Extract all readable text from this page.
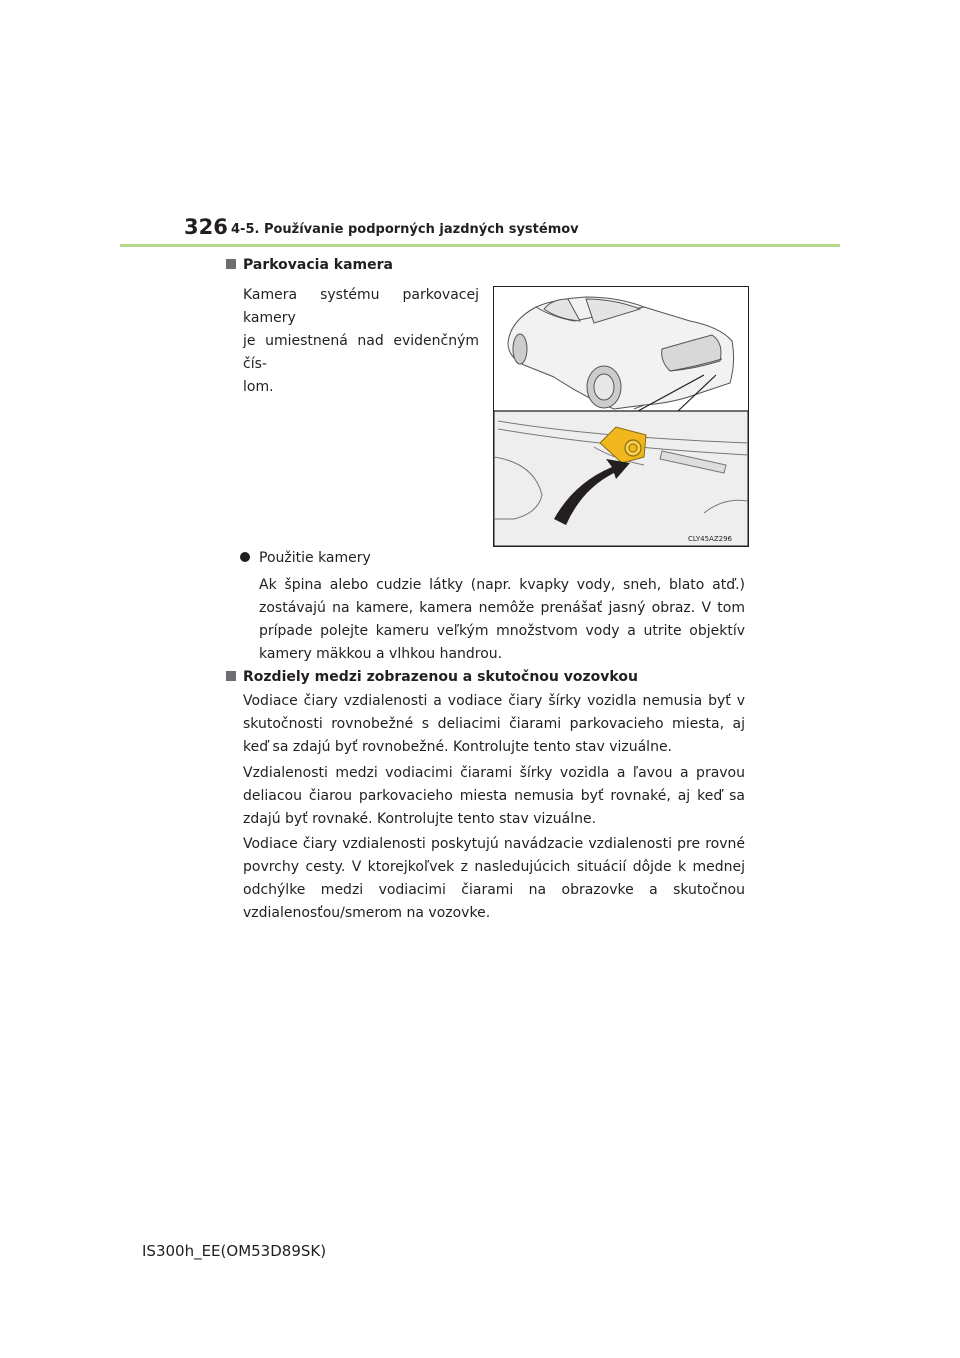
326 4-5. Používanie podporných jazdných systémov
Parkovacia kamera
Kamera systému parkovacej kamery
je umiestnená nad evidenčným čís-
lom.
CLY45AZ296
Použitie kamery
Ak špina alebo cudzie látky (napr. kvapky vody, sneh, blato atď.) zostávajú na kamere, kamera nemôže prenášať jasný obraz. V tom prípade polejte kameru veľkým množstvom vody a utrite objektív kamery mäkkou a vlhkou handrou.
Rozdiely medzi zobrazenou a skutočnou vozovkou
Vodiace čiary vzdialenosti a vodiace čiary šírky vozidla nemusia byť v skutočnosti rovnobežné s deliacimi čiarami parkovacieho miesta, aj keď sa zdajú byť rovnobežné. Kontrolujte tento stav vizuálne.
Vzdialenosti medzi vodiacimi čiarami šírky vozidla a ľavou a pravou deliacou čiarou parkovacieho miesta nemusia byť rovnaké, aj keď sa zdajú byť rovnaké. Kontrolujte tento stav vizuálne.
Vodiace čiary vzdialenosti poskytujú navádzacie vzdialenosti pre rovné povrchy cesty. V ktorejkoľvek z nasledujúcich situácií dôjde k mednej odchýlke medzi vodiacimi čiarami na obrazovke a skutočnou vzdialenosťou/smerom na vozovke.
IS300h_EE(OM53D89SK)
